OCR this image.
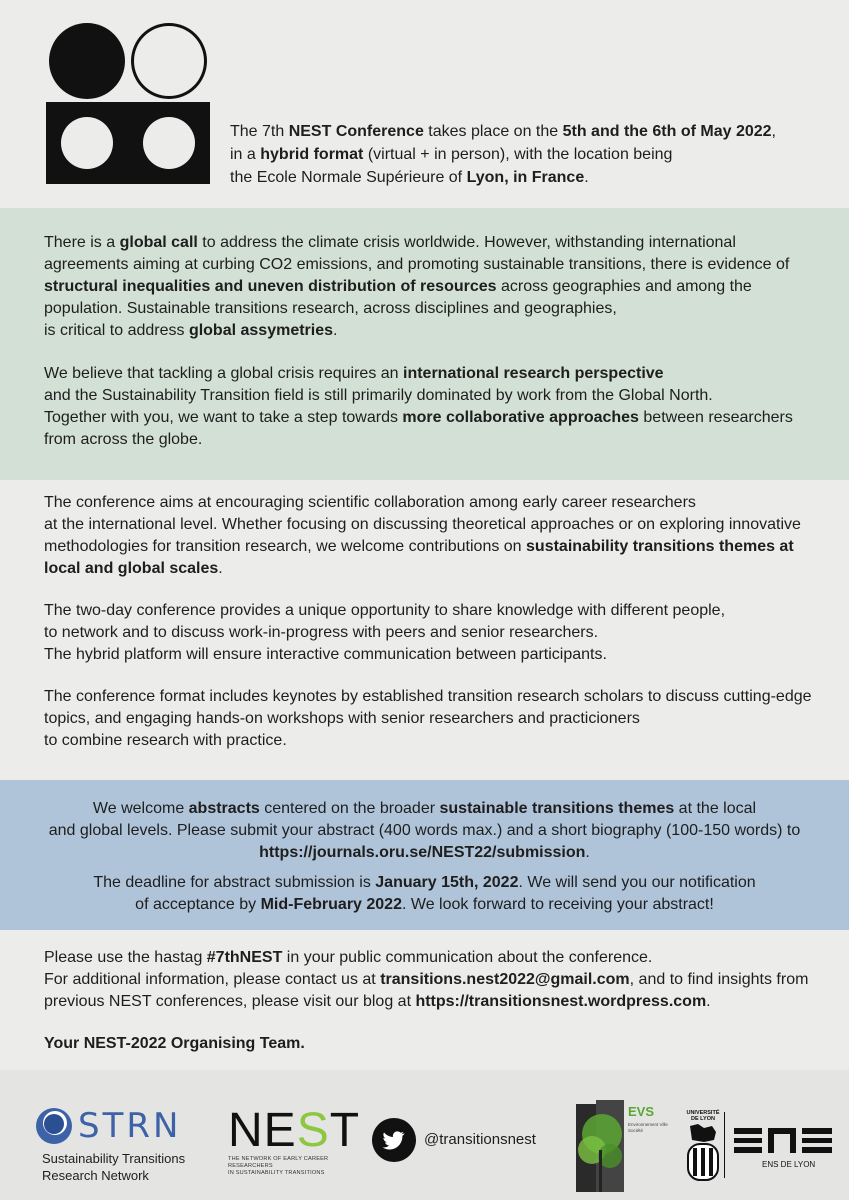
The 7th NEST Conference takes place on the 5th and the 6th of May 2022,
in a hybrid format (virtual + in person), with the location being
the Ecole Normale Supérieure of Lyon, in France.

There is a global call to address the climate crisis worldwide. However, withstanding international agreements aiming at curbing CO2 emissions, and promoting sustainable transitions, there is evidence of structural inequalities and uneven distribution of resources across geographies and among the population. Sustainable transitions research, across disciplines and geographies,
is critical to address global assymetries.

We believe that tackling a global crisis requires an international research perspective
and the Sustainability Transition field is still primarily dominated by work from the Global North.
Together with you, we want to take a step towards more collaborative approaches between researchers from across the globe.

The conference aims at encouraging scientific collaboration among early career researchers
at the international level. Whether focusing on discussing theoretical approaches or on exploring innovative methodologies for transition research, we welcome contributions on sustainability transitions themes at local and global scales.

The two-day conference provides a unique opportunity to share knowledge with different people,
to network and to discuss work-in-progress with peers and senior researchers.
The hybrid platform will ensure interactive communication between participants.

The conference format includes keynotes by established transition research scholars to discuss cutting-edge topics, and engaging hands-on workshops with senior researchers and practicioners
to combine research with practice.

We welcome abstracts centered on the broader sustainable transitions themes at the local
and global levels. Please submit your abstract (400 words max.) and a short biography (100-150 words) to https://journals.oru.se/NEST22/submission.

The deadline for abstract submission is January 15th, 2022. We will send you our notification
of acceptance by Mid-February 2022. We look forward to receiving your abstract!

Please use the hastag #7thNEST in your public communication about the conference.
For additional information, please contact us at transitions.nest2022@gmail.com, and to find insights from previous NEST conferences, please visit our blog at https://transitionsnest.wordpress.com.

Your NEST-2022 Organising Team.

STRN
Sustainability Transitions
Research Network
NEST
THE NETWORK OF EARLY CAREER RESEARCHERS
IN SUSTAINABILITY TRANSITIONS
@transitionsnest
EVS
Environnement Ville Société
UNIVERSITÉ
DE LYON
ENS DE LYON
